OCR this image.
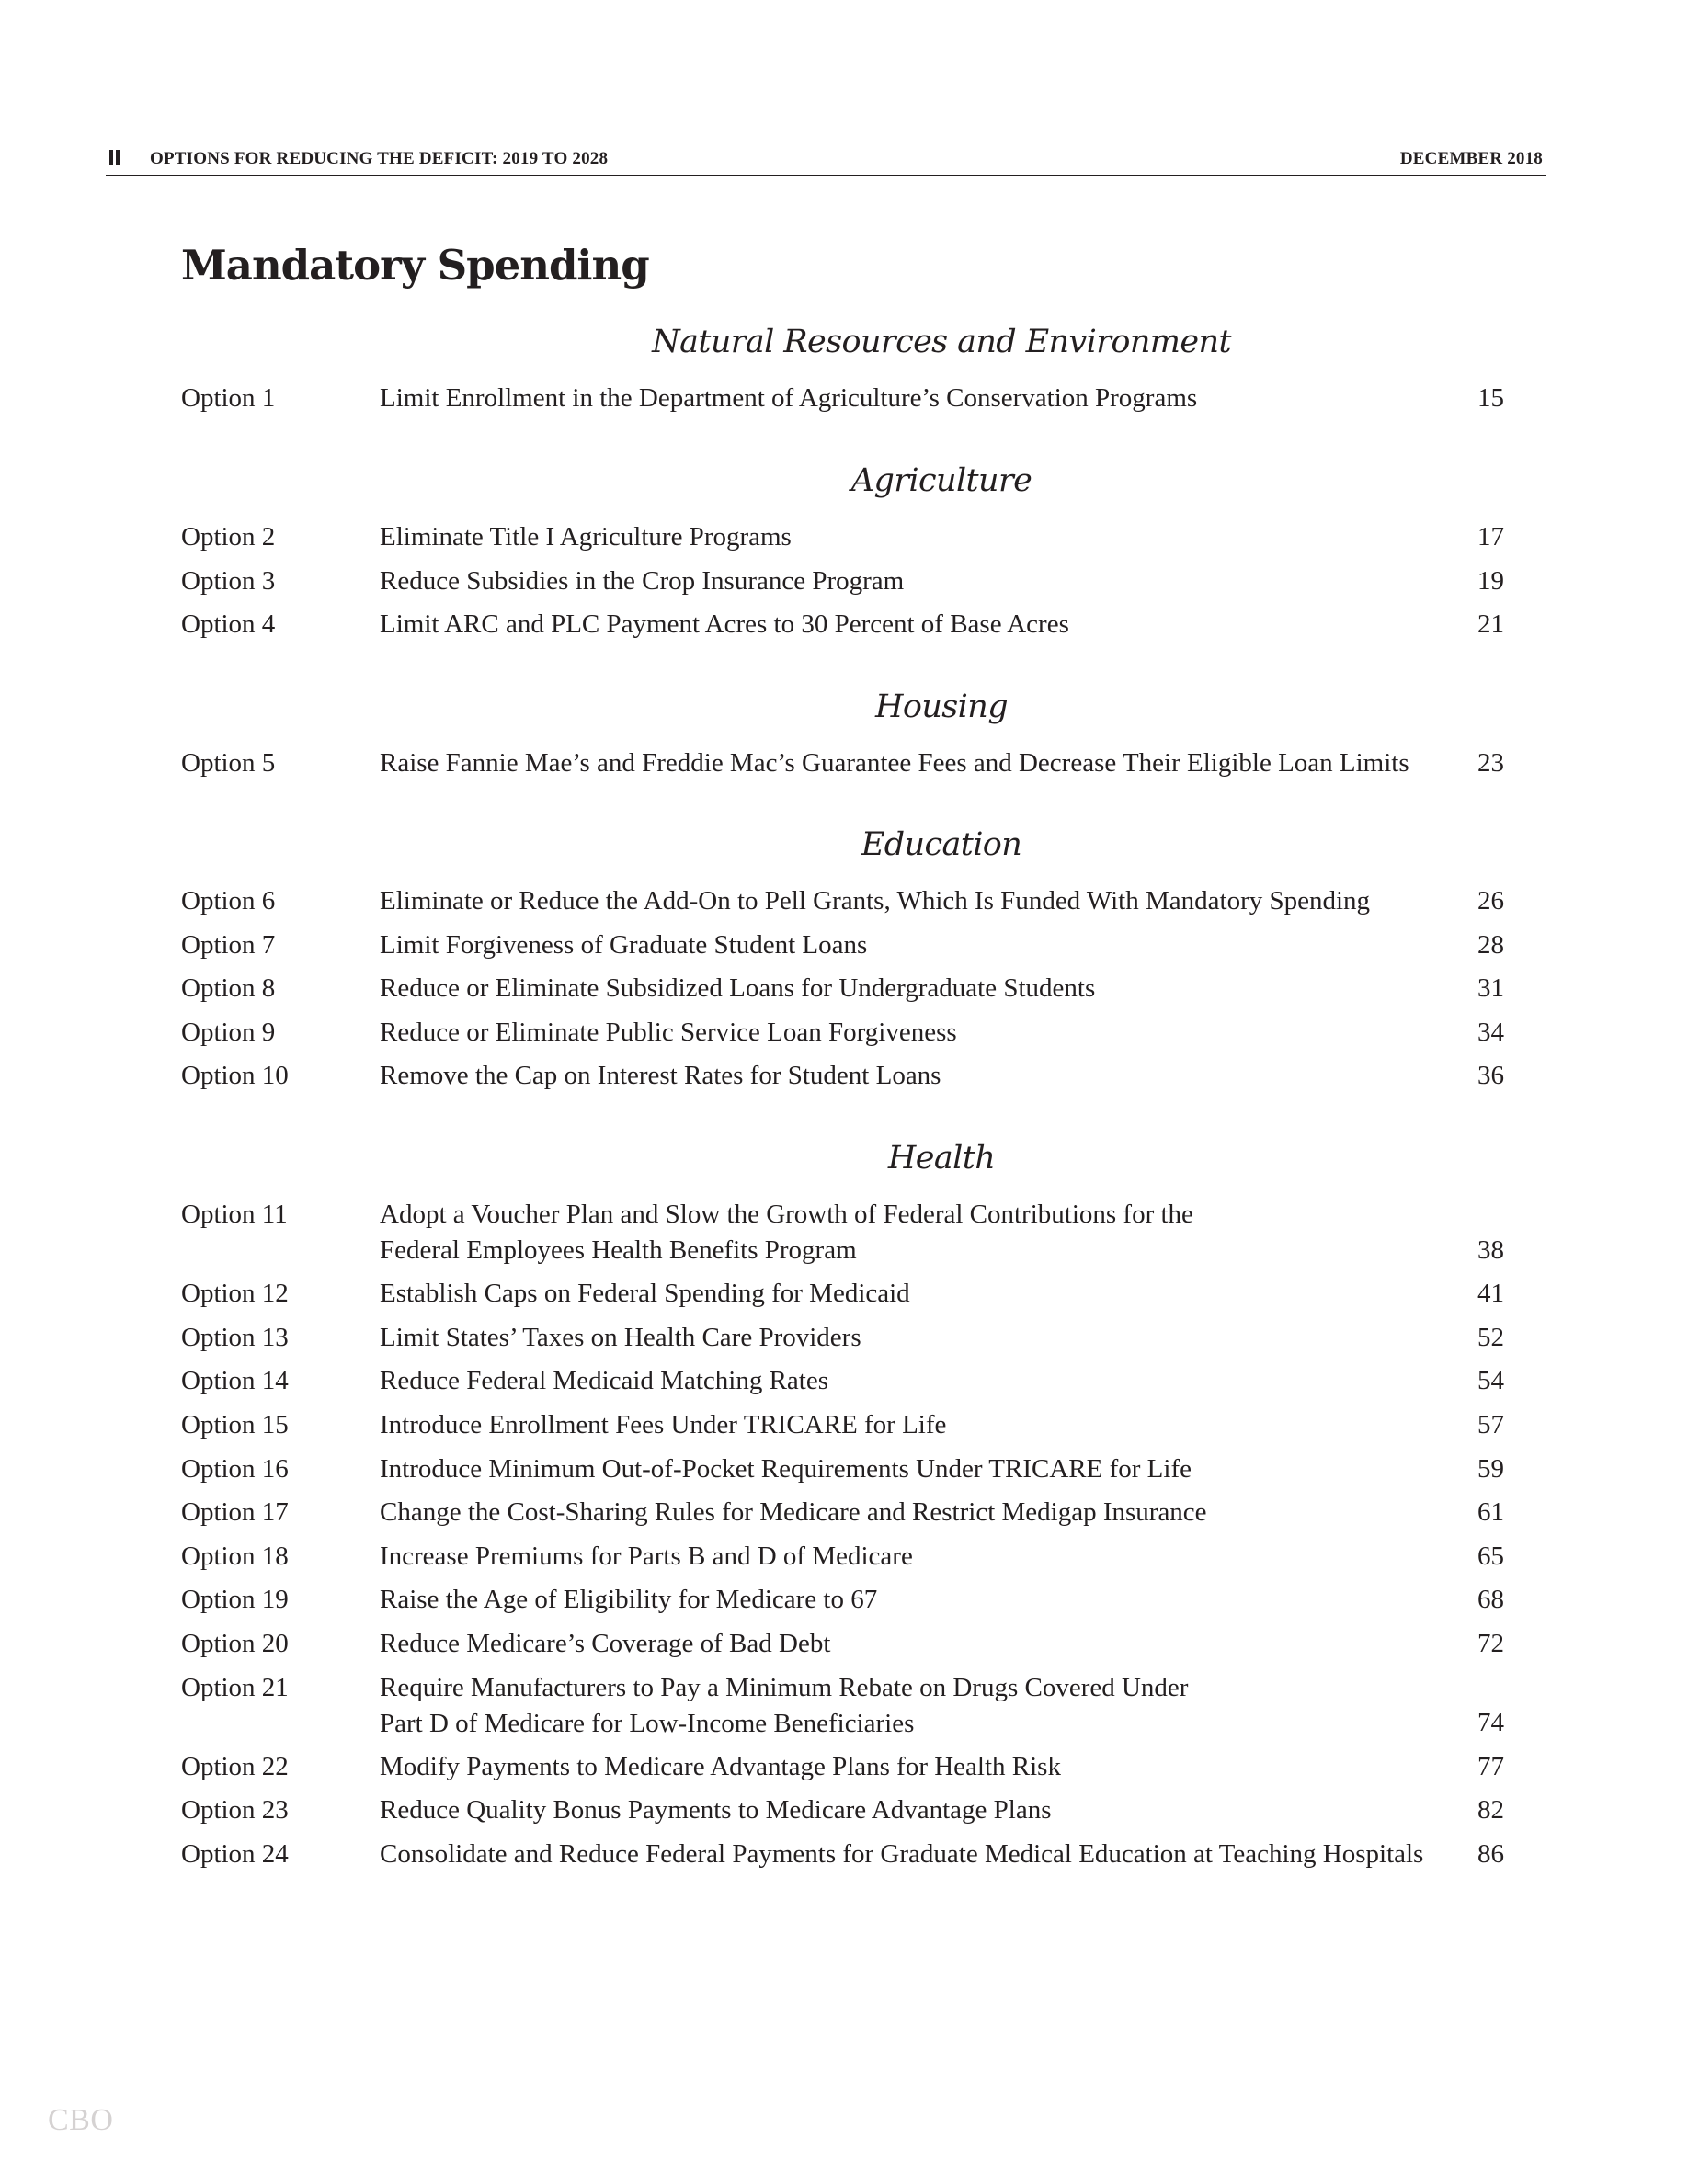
OPTIONS FOR REDUCING THE DEFICIT: 2019 TO 2028	DECEMBER 2018
Mandatory Spending
Natural Resources and Environment
Option 1	Limit Enrollment in the Department of Agriculture’s Conservation Programs	15
Agriculture
Option 2	Eliminate Title I Agriculture Programs	17
Option 3	Reduce Subsidies in the Crop Insurance Program	19
Option 4	Limit ARC and PLC Payment Acres to 30 Percent of Base Acres	21
Housing
Option 5	Raise Fannie Mae’s and Freddie Mac’s Guarantee Fees and Decrease Their Eligible Loan Limits	23
Education
Option 6	Eliminate or Reduce the Add-On to Pell Grants, Which Is Funded With Mandatory Spending	26
Option 7	Limit Forgiveness of Graduate Student Loans	28
Option 8	Reduce or Eliminate Subsidized Loans for Undergraduate Students	31
Option 9	Reduce or Eliminate Public Service Loan Forgiveness	34
Option 10	Remove the Cap on Interest Rates for Student Loans	36
Health
Option 11	Adopt a Voucher Plan and Slow the Growth of Federal Contributions for the
Federal Employees Health Benefits Program	38
Option 12	Establish Caps on Federal Spending for Medicaid	41
Option 13	Limit States’ Taxes on Health Care Providers	52
Option 14	Reduce Federal Medicaid Matching Rates	54
Option 15	Introduce Enrollment Fees Under TRICARE for Life	57
Option 16	Introduce Minimum Out-of-Pocket Requirements Under TRICARE for Life	59
Option 17	Change the Cost-Sharing Rules for Medicare and Restrict Medigap Insurance	61
Option 18	Increase Premiums for Parts B and D of Medicare	65
Option 19	Raise the Age of Eligibility for Medicare to 67	68
Option 20	Reduce Medicare’s Coverage of Bad Debt	72
Option 21	Require Manufacturers to Pay a Minimum Rebate on Drugs Covered Under
Part D of Medicare for Low-Income Beneficiaries	74
Option 22	Modify Payments to Medicare Advantage Plans for Health Risk	77
Option 23	Reduce Quality Bonus Payments to Medicare Advantage Plans	82
Option 24	Consolidate and Reduce Federal Payments for Graduate Medical Education at Teaching Hospitals	86
CBO
